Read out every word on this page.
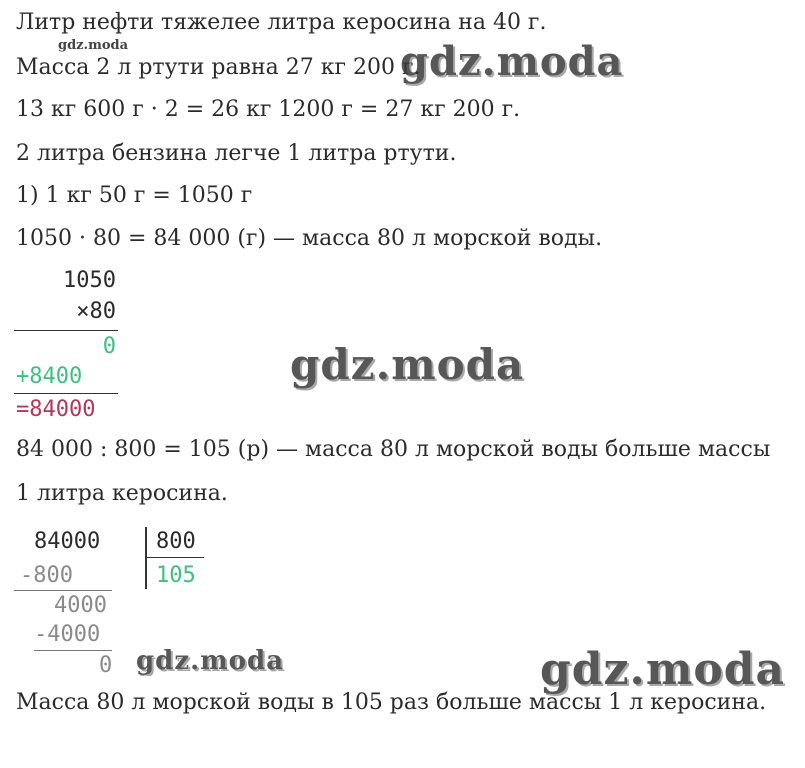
Литр нефти тяжелее литра керосина на 40 г.
Масса 2 л ртути равна 27 кг 200 г.
13 кг 600 г · 2 = 26 кг 1200 г = 27 кг 200 г.
2 литра бензина легче 1 литра ртути.
1) 1 кг 50 г = 1050 г
1050 · 80 = 84 000 (г) — масса 80 л морской воды.
1050
×80
0
+8400
=84000
84 000 : 800 = 105 (р) — масса 80 л морской воды больше массы
1 литра керосина.
84000	800
105
-800
4000
-4000
0
Масса 80 л морской воды в 105 раз больше массы 1 л керосина.
gdz.moda	gdz.moda
gdz.moda
gdz.moda	gdz.moda
